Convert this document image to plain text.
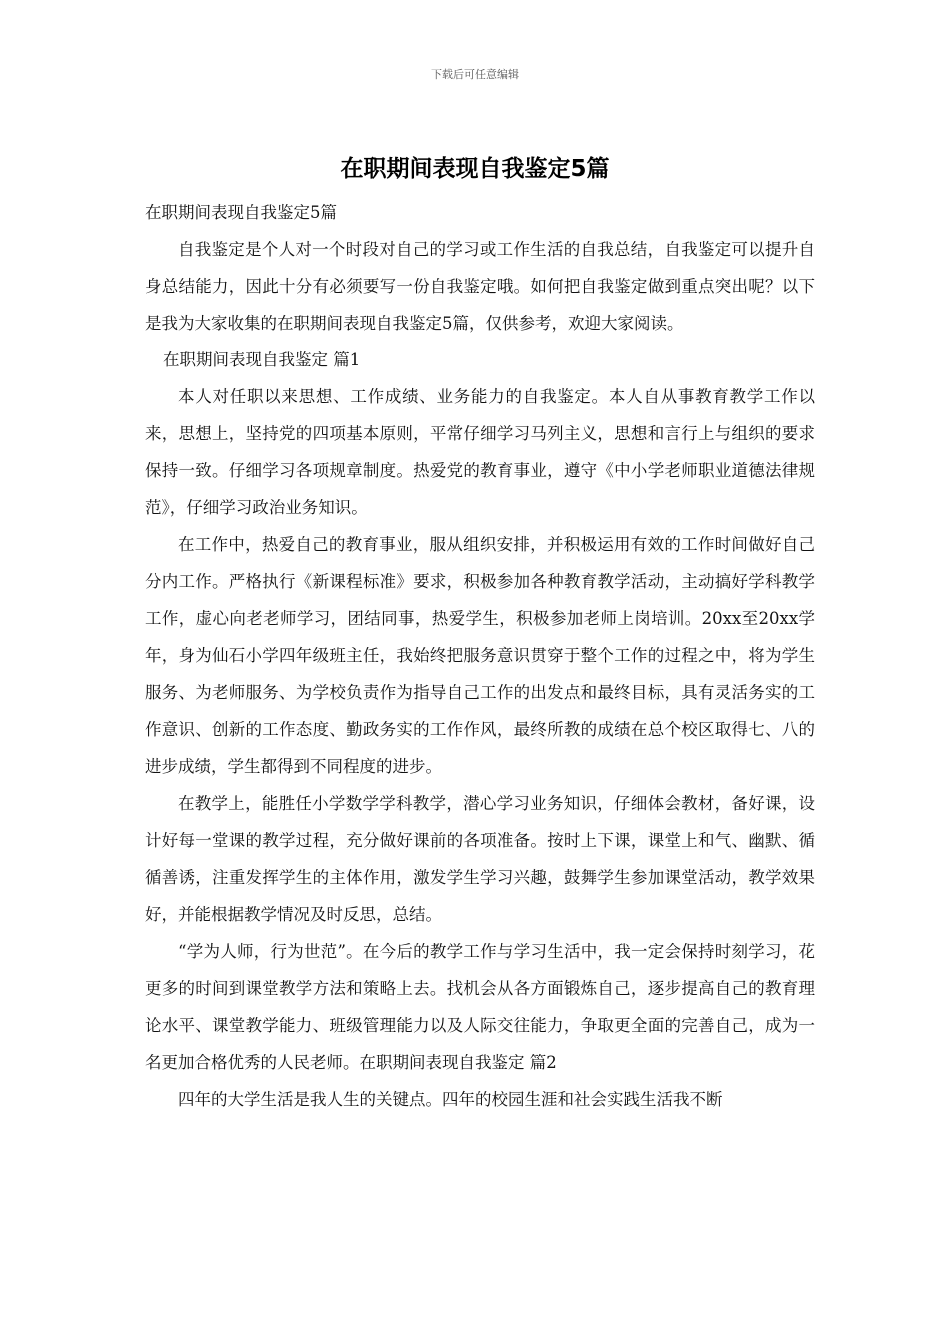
下载后可任意编辑
在职期间表现自我鉴定5篇
在职期间表现自我鉴定5篇

自我鉴定是个人对一个时段对自己的学习或工作生活的自我总结，自我鉴定可以提升自身总结能力，因此十分有必须要写一份自我鉴定哦。如何把自我鉴定做到重点突出呢？以下是我为大家收集的在职期间表现自我鉴定5篇，仅供参考，欢迎大家阅读。

在职期间表现自我鉴定 篇1

本人对任职以来思想、工作成绩、业务能力的自我鉴定。本人自从事教育教学工作以来，思想上，坚持党的四项基本原则，平常仔细学习马列主义，思想和言行上与组织的要求保持一致。仔细学习各项规章制度。热爱党的教育事业，遵守《中小学老师职业道德法律规范》，仔细学习政治业务知识。

在工作中，热爱自己的教育事业，服从组织安排，并积极运用有效的工作时间做好自己分内工作。严格执行《新课程标准》要求，积极参加各种教育教学活动，主动搞好学科教学工作，虚心向老老师学习，团结同事，热爱学生，积极参加老师上岗培训。20xx至20xx学年，身为仙石小学四年级班主任，我始终把服务意识贯穿于整个工作的过程之中，将为学生服务、为老师服务、为学校负责作为指导自己工作的出发点和最终目标，具有灵活务实的工作意识、创新的工作态度、勤政务实的工作作风，最终所教的成绩在总个校区取得七、八的进步成绩，学生都得到不同程度的进步。

在教学上，能胜任小学数学学科教学，潜心学习业务知识，仔细体会教材，备好课，设计好每一堂课的教学过程，充分做好课前的各项准备。按时上下课，课堂上和气、幽默、循循善诱，注重发挥学生的主体作用，激发学生学习兴趣，鼓舞学生参加课堂活动，教学效果好，并能根据教学情况及时反思，总结。

“学为人师，行为世范”。在今后的教学工作与学习生活中，我一定会保持时刻学习，花更多的时间到课堂教学方法和策略上去。找机会从各方面锻炼自己，逐步提高自己的教育理论水平、课堂教学能力、班级管理能力以及人际交往能力，争取更全面的完善自己，成为一名更加合格优秀的人民老师。在职期间表现自我鉴定 篇2

四年的大学生活是我人生的关键点。四年的校园生涯和社会实践生活我不断
